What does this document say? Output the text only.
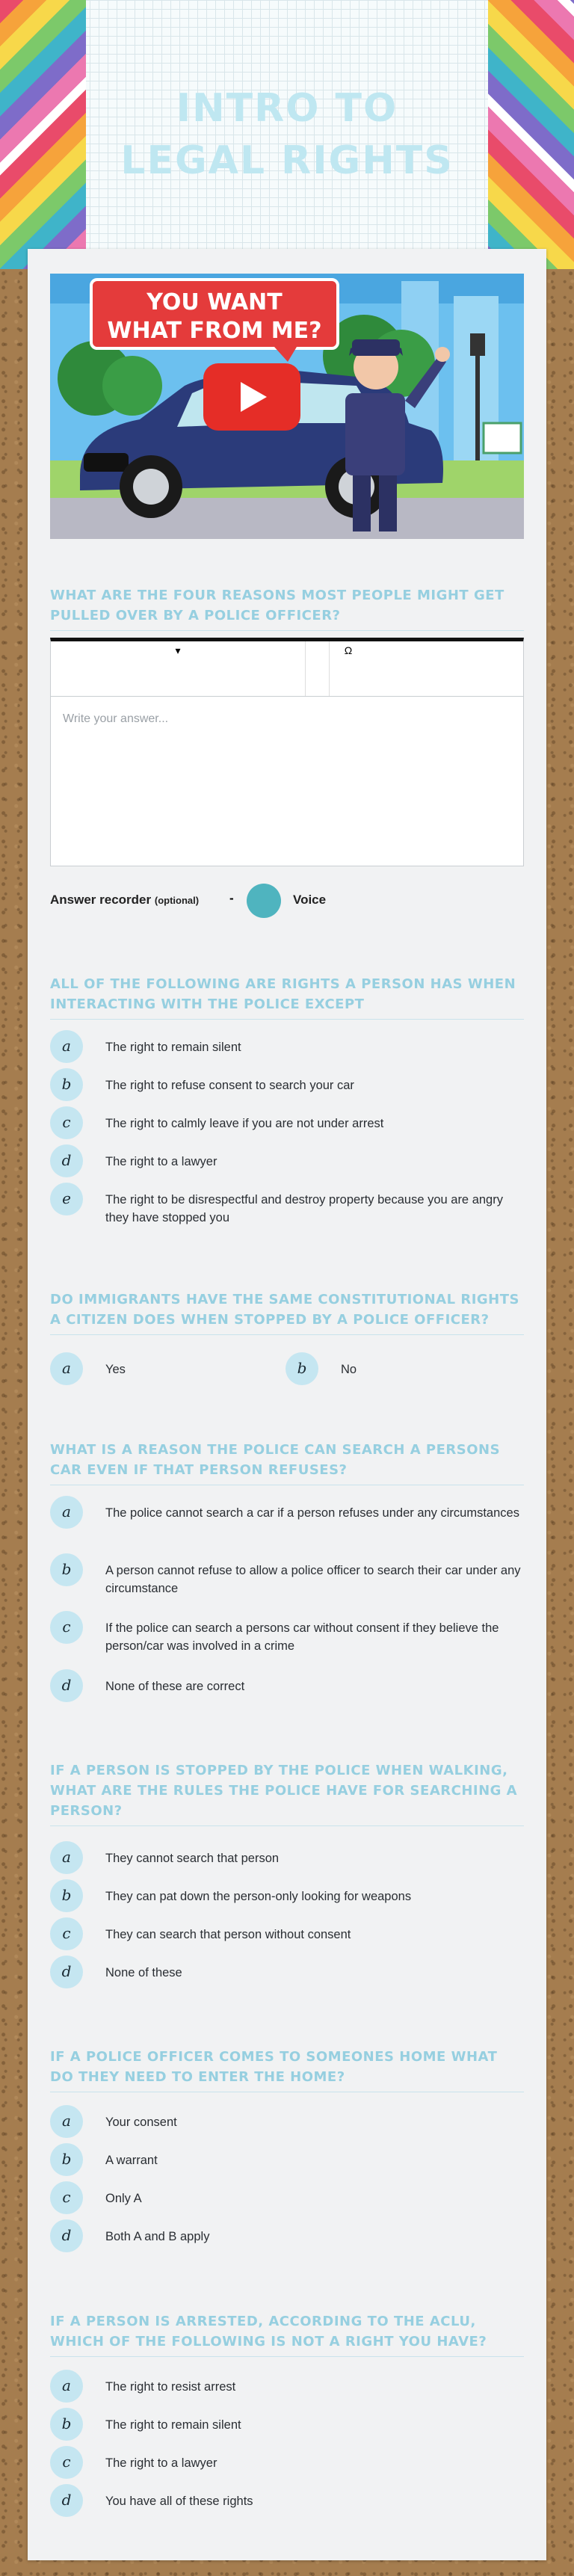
INTRO TO LEGAL RIGHTS
YOU WANT
WHAT FROM ME?
WHAT ARE THE FOUR REASONS MOST PEOPLE MIGHT GET PULLED OVER BY A POLICE OFFICER?
▾	Ω
Write your answer...
Answer recorder (optional) -	Voice
ALL OF THE FOLLOWING ARE RIGHTS A PERSON HAS WHEN INTERACTING WITH THE POLICE EXCEPT
a	The right to remain silent
b	The right to refuse consent to search your car
c	The right to calmly leave if you are not under arrest
d	The right to a lawyer
e	The right to be disrespectful and destroy property because you are angry they have stopped you
DO IMMIGRANTS HAVE THE SAME CONSTITUTIONAL RIGHTS A CITIZEN DOES WHEN STOPPED BY A POLICE OFFICER?
a	Yes	b	No
WHAT IS A REASON THE POLICE CAN SEARCH A PERSONS CAR EVEN IF THAT PERSON REFUSES?
a	The police cannot search a car if a person refuses under any circumstances
b	A person cannot refuse to allow a police officer to search their car under any circumstance
c	If the police can search a persons car without consent if they believe the person/car was involved in a crime
d	None of these are correct
IF A PERSON IS STOPPED BY THE POLICE WHEN WALKING, WHAT ARE THE RULES THE POLICE HAVE FOR SEARCHING A PERSON?
a	They cannot search that person
b	They can pat down the person-only looking for weapons
c	They can search that person without consent
d	None of these
IF A POLICE OFFICER COMES TO SOMEONES HOME WHAT DO THEY NEED TO ENTER THE HOME?
a	Your consent
b	A warrant
c	Only A
d	Both A and B apply
IF A PERSON IS ARRESTED, ACCORDING TO THE ACLU, WHICH OF THE FOLLOWING IS NOT A RIGHT YOU HAVE?
a	The right to resist arrest
b	The right to remain silent
c	The right to a lawyer
d	You have all of these rights
